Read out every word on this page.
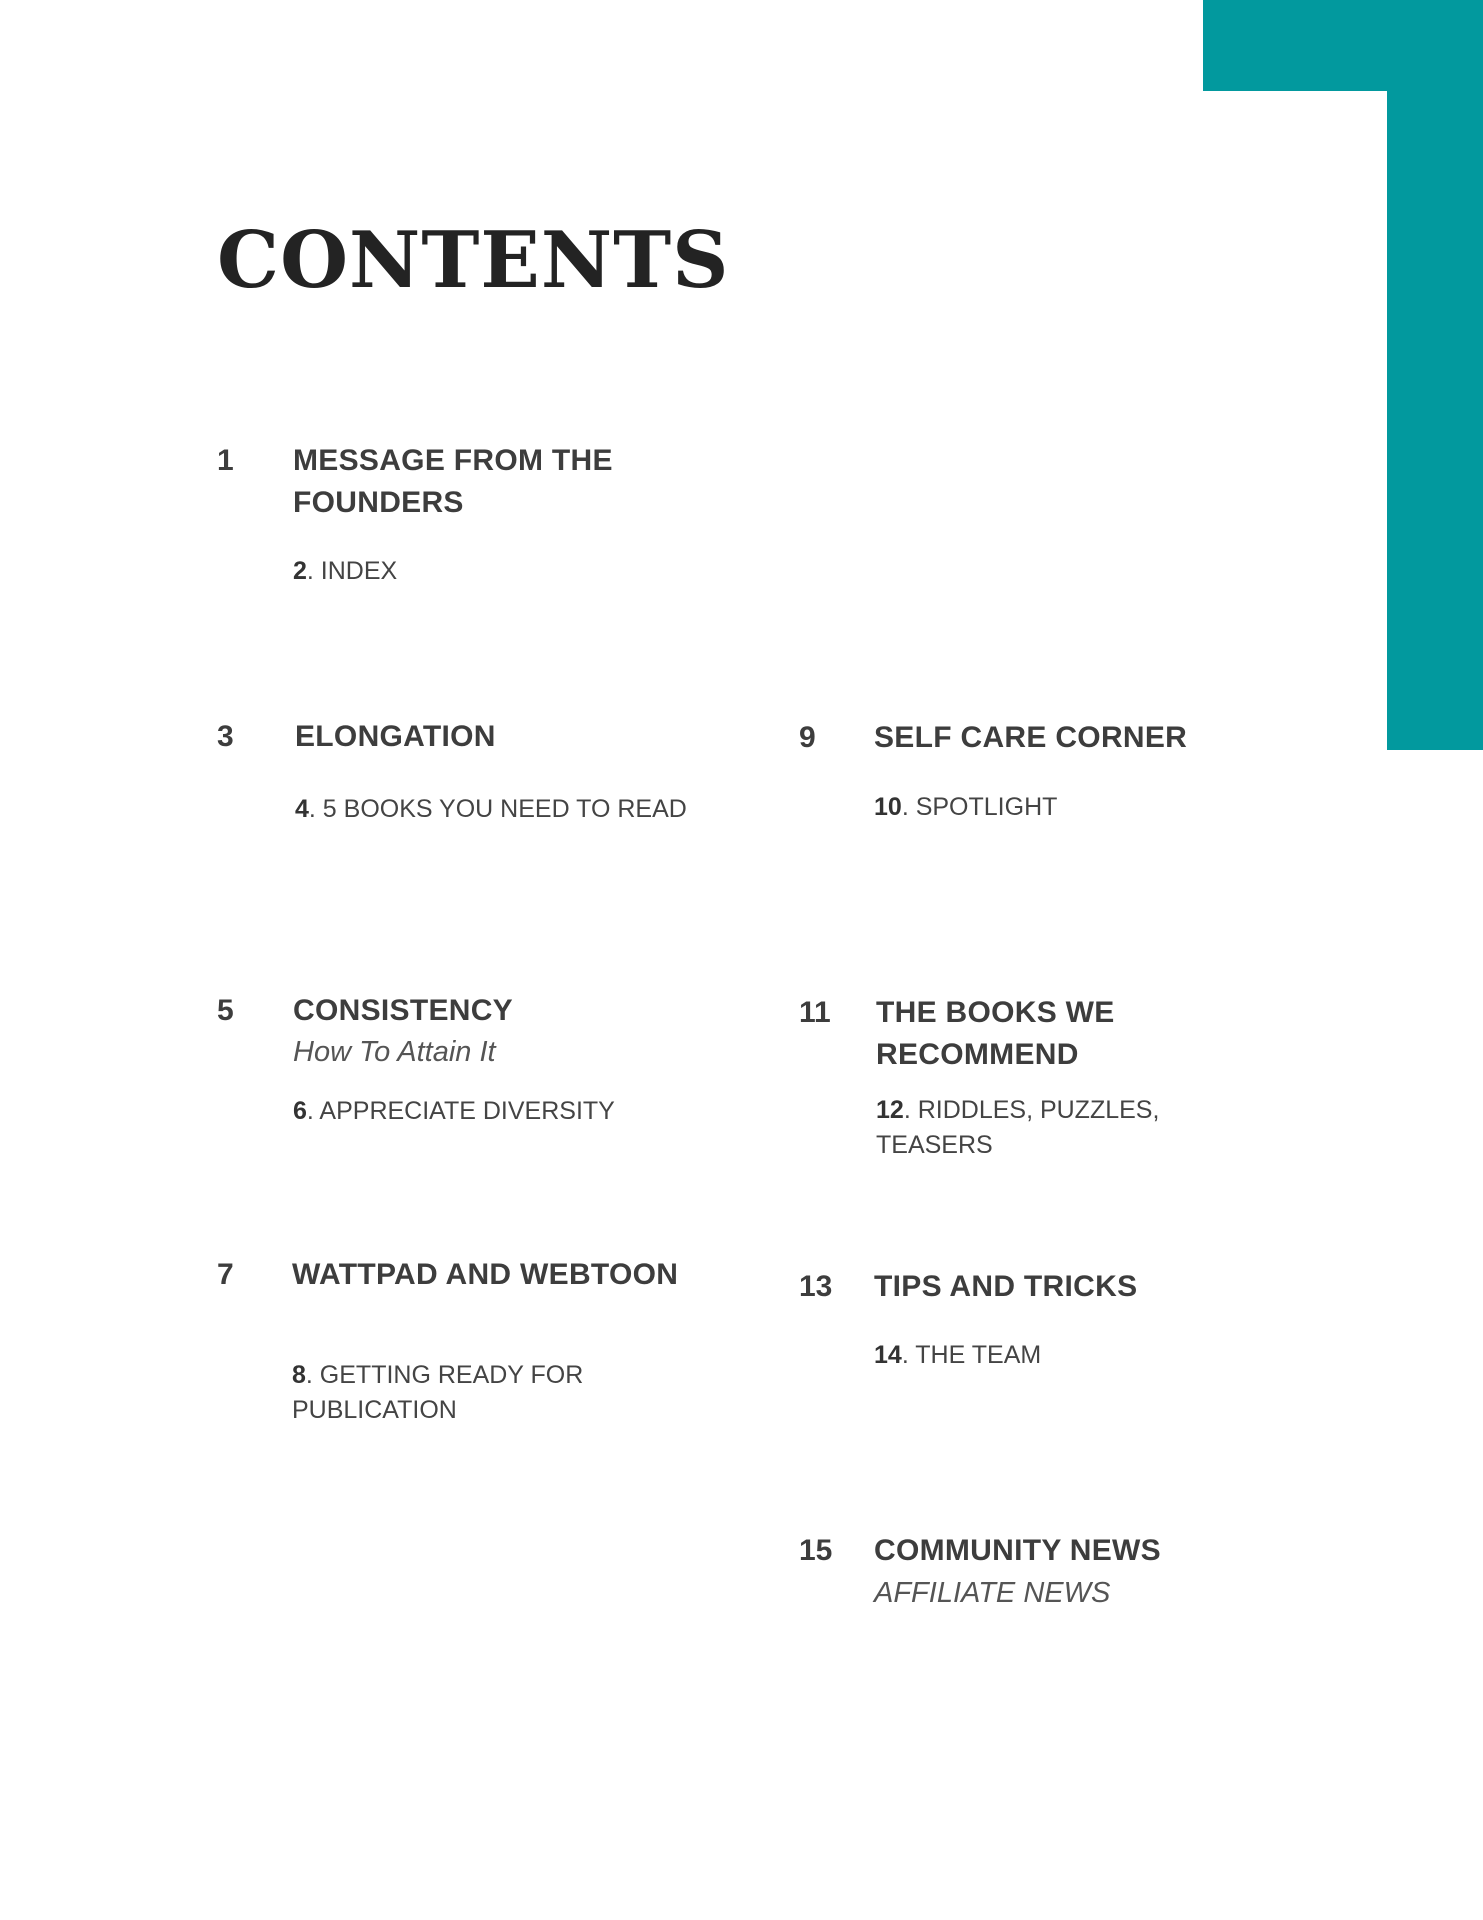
CONTENTS
1 MESSAGE FROM THE
FOUNDERS
2. INDEX
3 ELONGATION
4. 5 BOOKS YOU NEED TO READ
9 SELF CARE CORNER
10. SPOTLIGHT
5 CONSISTENCY
How To Attain It
6. APPRECIATE DIVERSITY
11 THE BOOKS WE
RECOMMEND
12. RIDDLES, PUZZLES, TEASERS
7 WATTPAD AND WEBTOON
8. GETTING READY FOR
PUBLICATION
13 TIPS AND TRICKS
14. THE TEAM
15 COMMUNITY NEWS
AFFILIATE NEWS
